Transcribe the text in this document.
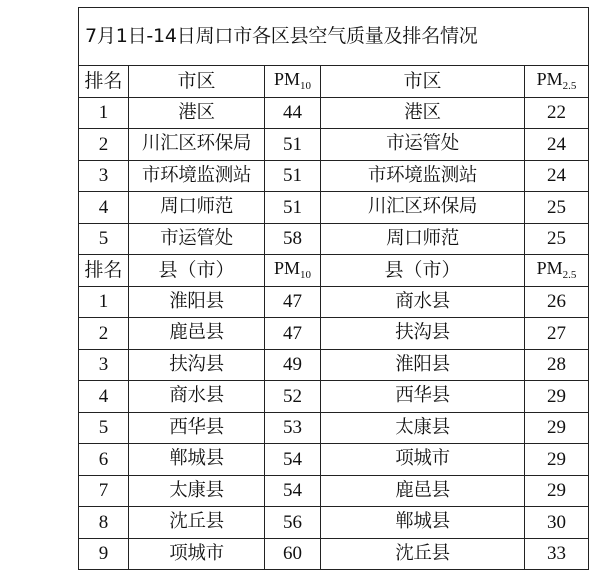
7月1日-14日周口市各区县空气质量及排名情况				
排名	市区	$PM_{10}$	市区	$PM_{2.5}$
1	港区	44	港区	22
2	川汇区环保局	51	市运管处	24
3	市环境监测站	51	市环境监测站	24
4	周口师范	51	川汇区环保局	25
5	市运管处	58	周口师范	25
排名	县（市）	$PM_{10}$	县（市）	$PM_{2.5}$
1	淮阳县	47	商水县	26
2	鹿邑县	47	扶沟县	27
3	扶沟县	49	淮阳县	28
4	商水县	52	西华县	29
5	西华县	53	太康县	29
6	郸城县	54	项城市	29
7	太康县	54	鹿邑县	29
8	沈丘县	56	郸城县	30
9	项城市	60	沈丘县	33
